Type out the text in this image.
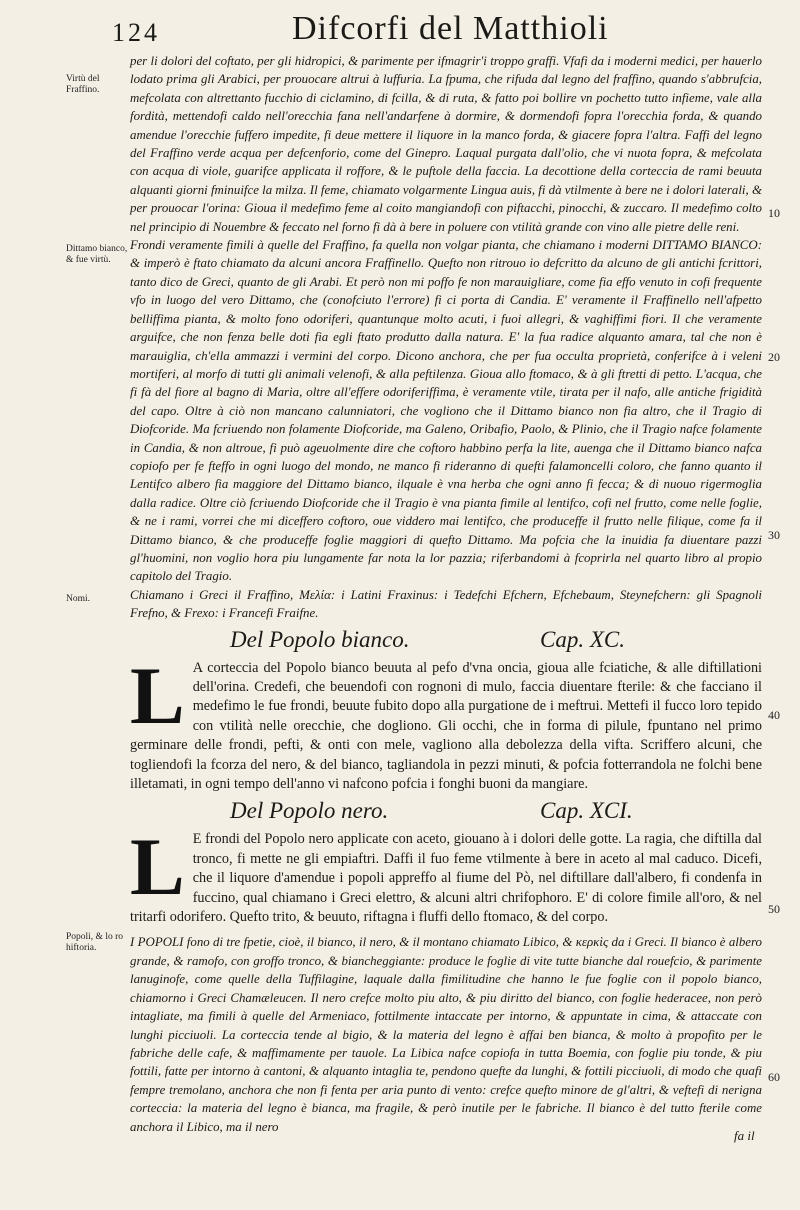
124	Difcorfi del Matthioli
Virtù del Fraffino.
Dittamo bianco, & fue virtù.
Nomi.
Popoli, & lo ro hiftoria.
10
20
30
40
50
60

per li dolori del coftato, per gli hidropici, & parimente per ifmagrir'i troppo graffi. Vfafi da i moderni medici, per hauerlo lodato prima gli Arabici, per prouocare altrui à luffuria. La fpuma, che rifuda dal legno del fraffino, quando s'abbrufcia, mefcolata con altrettanto fucchio di ciclamino, di fcilla, & di ruta, & fatto poi bollire vn pochetto tutto infieme, vale alla fordità, mettendofi caldo nell'orecchia fana nell'andarfene à dormire, & dormendofi fopra l'orecchia forda, & quando amendue l'orecchie fuffero impedite, fi deue mettere il liquore in la manco forda, & giacere fopra l'altra. Faffi del legno del Fraffino verde acqua per defcenforio, come del Ginepro. Laqual purgata dall'olio, che vi nuota fopra, & mefcolata con acqua di viole, guarifce applicata il roffore, & le puftole della faccia. La decottione della corteccia de rami beuuta alquanti giorni fminuifce la milza. Il feme, chiamato volgarmente Lingua auis, fi dà vtilmente à bere ne i dolori laterali, & per prouocar l'orina: Gioua il medefimo feme al coito mangiandofi con piftacchi, pinocchi, & zuccaro. Il medefimo colto nel principio di Nouembre & feccato nel forno fi dà à bere in poluere con vtilità grande con vino alle pietre delle reni.

Frondi veramente fimili à quelle del Fraffino, fa quella non volgar pianta, che chiamano i moderni DITTAMO BIANCO: & imperò è ftato chiamato da alcuni ancora Fraffinello. Quefto non ritrouo io defcritto da alcuno de gli antichi fcrittori, tanto dico de Greci, quanto de gli Arabi. Et però non mi poffo fe non marauigliare, come fia effo venuto in cofi frequente vfo in luogo del vero Dittamo, che (conofciuto l'errore) fi ci porta di Candia. E' veramente il Fraffinello nell'afpetto belliffima pianta, & molto fono odoriferi, quantunque molto acuti, i fuoi allegri, & vaghiffimi fiori. Il che veramente arguifce, che non fenza belle doti fia egli ftato produtto dalla natura. E' la fua radice alquanto amara, tal che non è marauiglia, ch'ella ammazzi i vermini del corpo. Dicono anchora, che per fua occulta proprietà, conferifce à i veleni mortiferi, al morfo di tutti gli animali velenofi, & alla peftilenza. Gioua allo ftomaco, & à gli ftretti di petto. L'acqua, che fi fà del fiore al bagno di Maria, oltre all'effere odoriferiffima, è veramente vtile, tirata per il nafo, alle antiche frigidità del capo. Oltre à ciò non mancano calunniatori, che vogliono che il Dittamo bianco non fia altro, che il Tragio di Diofcoride. Ma fcriuendo non folamente Diofcoride, ma Galeno, Oribafio, Paolo, & Plinio, che il Tragio nafce folamente in Candia, & non altroue, fi può ageuolmente dire che coftoro habbino perfa la lite, auenga che il Dittamo bianco nafca copiofo per fe fteffo in ogni luogo del mondo, ne manco fi rideranno di quefti falamoncelli coloro, che fanno quanto il Lentifco albero fia maggiore del Dittamo bianco, ilquale è vna herba che ogni anno fi fecca; & di nuouo rigermoglia dalla radice. Oltre ciò fcriuendo Diofcoride che il Tragio è vna pianta fimile al lentifco, cofi nel frutto, come nelle foglie, & ne i rami, vorrei che mi diceffero coftoro, oue viddero mai lentifco, che produceffe il frutto nelle filique, come fa il Dittamo bianco, & che produceffe foglie maggiori di quefto Dittamo. Ma pofcia che la inuidia fa diuentare pazzi gl'huomini, non voglio hora piu lungamente far nota la lor pazzia; riferbandomi à fcoprirla nel quarto libro al propio capitolo del Tragio.

Chiamano i Greci il Fraffino, Μελία: i Latini Fraxinus: i Tedefchi Efchern, Efchebaum, Steynefchern: gli Spagnoli Frefno, & Frexo: i Francefi Fraifne.

Del Popolo bianco.	Cap. XC.

L A corteccia del Popolo bianco beuuta al pefo d'vna oncia, gioua alle fciatiche, & alle diftillationi dell'orina. Credefi, che beuendofi con rognoni di mulo, faccia diuentare fterile: & che facciano il medefimo le fue frondi, beuute fubito dopo alla purgatione de i meftrui. Mettefi il fucco loro tepido con vtilità nelle orecchie, che dogliono. Gli occhi, che in forma di pilule, fpuntano nel primo germinare delle frondi, pefti, & onti con mele, vagliono alla debolezza della vifta. Scriffero alcuni, che togliendofi la fcorza del nero, & del bianco, tagliandola in pezzi minuti, & pofcia fotterrandola ne folchi bene illetamati, in ogni tempo dell'anno vi nafcono pofcia i fonghi buoni da mangiare.

Del Popolo nero.	Cap. XCI.

L E frondi del Popolo nero applicate con aceto, giouano à i dolori delle gotte. La ragia, che diftilla dal tronco, fi mette ne gli empiaftri. Daffi il fuo feme vtilmente à bere in aceto al mal caduco. Dicefi, che il liquore d'amendue i popoli appreffo al fiume del Pò, nel diftillare dall'albero, fi condenfa in fuccino, qual chiamano i Greci elettro, & alcuni altri chrifophoro. E' di colore fimile all'oro, & nel tritarfi odorifero. Quefto trito, & beuuto, riftagna i fluffi dello ftomaco, & del corpo.

I POPOLI fono di tre fpetie, cioè, il bianco, il nero, & il montano chiamato Libico, & κερκὶς da i Greci. Il bianco è albero grande, & ramofo, con groffo tronco, & biancheggiante: produce le foglie di vite tutte bianche dal rouefcio, & parimente lanuginofe, come quelle della Tuffilagine, laquale dalla fimilitudine che hanno le fue foglie con il popolo bianco, chiamorno i Greci Chamæleucen. Il nero crefce molto piu alto, & piu diritto del bianco, con foglie hederacee, non però intagliate, ma fimili à quelle del Armeniaco, fottilmente intaccate per intorno, & appuntate in cima, & attaccate con lunghi picciuoli. La corteccia tende al bigio, & la materia del legno è affai ben bianca, & molto à propofito per le fabriche delle cafe, & maffimamente per tauole. La Libica nafce copiofa in tutta Boemia, con foglie piu tonde, & piu fottili, fatte per intorno à cantoni, & alquanto intaglia te, pendono quefte da lunghi, & fottili picciuoli, di modo che quafi fempre tremolano, anchora che non fi fenta per aria punto di vento: crefce quefto minore de gl'altri, & veftefi di nerigna corteccia: la materia del legno è bianca, ma fragile, & però inutile per le fabriche. Il bianco è del tutto fterile come anchora il Libico, ma il nero

fa il
